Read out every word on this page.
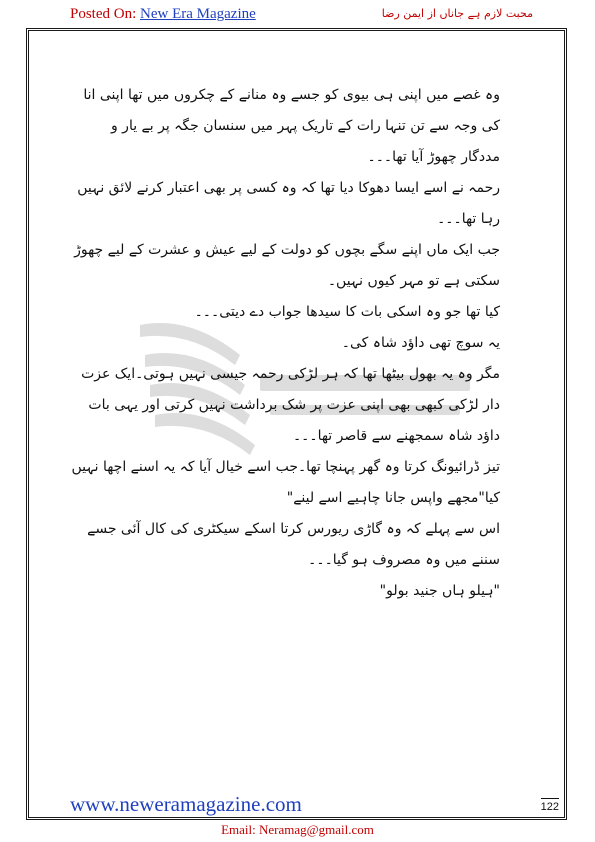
Posted On: New Era Magazine	محبت لازم ہے جاناں از ایمن رضا

وہ غصے میں اپنی ہی بیوی کو جسے وہ منانے کے چکروں میں تھا اپنی انا کی وجہ سے تن تنہا رات کے تاریک پہر میں سنسان جگہ پر بے یار و مددگار چھوڑ آیا تھا۔۔۔

رحمہ نے اسے ایسا دھوکا دیا تھا کہ وہ کسی پر بھی اعتبار کرنے لائق نہیں رہا تھا۔۔۔

جب ایک ماں اپنے سگے بچوں کو دولت کے لیے عیش و عشرت کے لیے چھوڑ سکتی ہے تو مہر کیوں نہیں۔

کیا تھا جو وہ اسکی بات کا سیدھا جواب دے دیتی۔۔۔

یہ سوچ تھی داؤد شاہ کی۔

مگر وہ یہ بھول بیٹھا تھا کہ ہر لڑکی رحمہ جیسی نہیں ہوتی۔ایک عزت دار لڑکی کبھی بھی اپنی عزت پر شک برداشت نہیں کرتی اور یہی بات داؤد شاہ سمجھنے سے قاصر تھا۔۔۔

تیز ڈرائیونگ کرتا وہ گھر پہنچا تھا۔جب اسے خیال آیا کہ یہ اسنے اچھا نہیں کیا"مجھے واپس جانا چاہیے اسے لینے"

اس سے پہلے کہ وہ گاڑی ریورس کرتا اسکے سیکٹری کی کال آئی جسے سننے میں وہ مصروف ہو گیا۔۔۔

"ہیلو ہاں جنید بولو"

www.neweramagazine.com	122
Email: Neramag@gmail.com
